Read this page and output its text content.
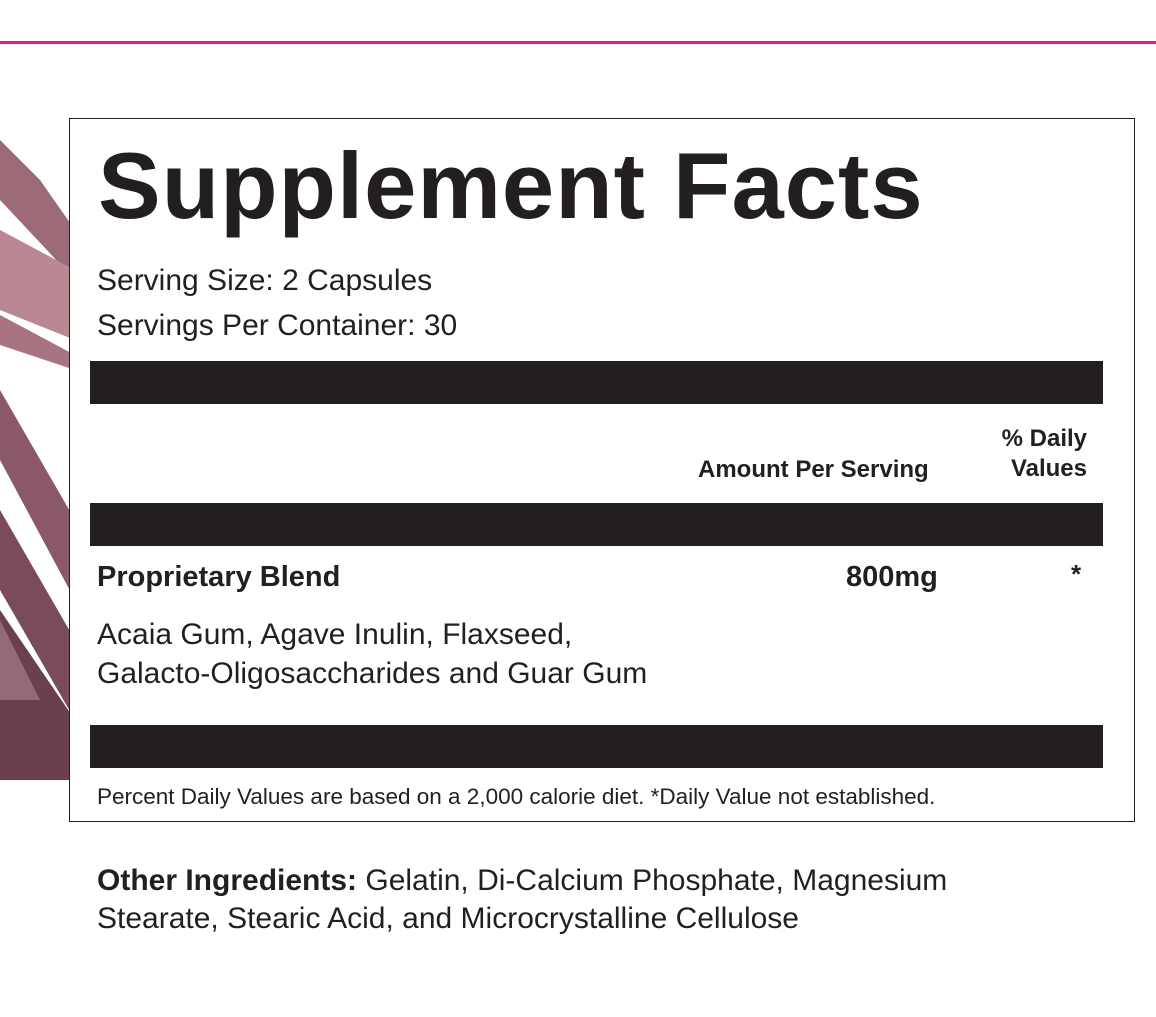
Supplement Facts
Serving Size: 2 Capsules
Servings Per Container: 30
Amount Per Serving
% Daily
Values
Proprietary Blend	800mg	*
Acaia Gum, Agave Inulin, Flaxseed,
Galacto-Oligosaccharides and Guar Gum
Percent Daily Values are based on a 2,000 calorie diet. *Daily Value not established.
Other Ingredients: Gelatin, Di-Calcium Phosphate, Magnesium Stearate, Stearic Acid, and Microcrystalline Cellulose
